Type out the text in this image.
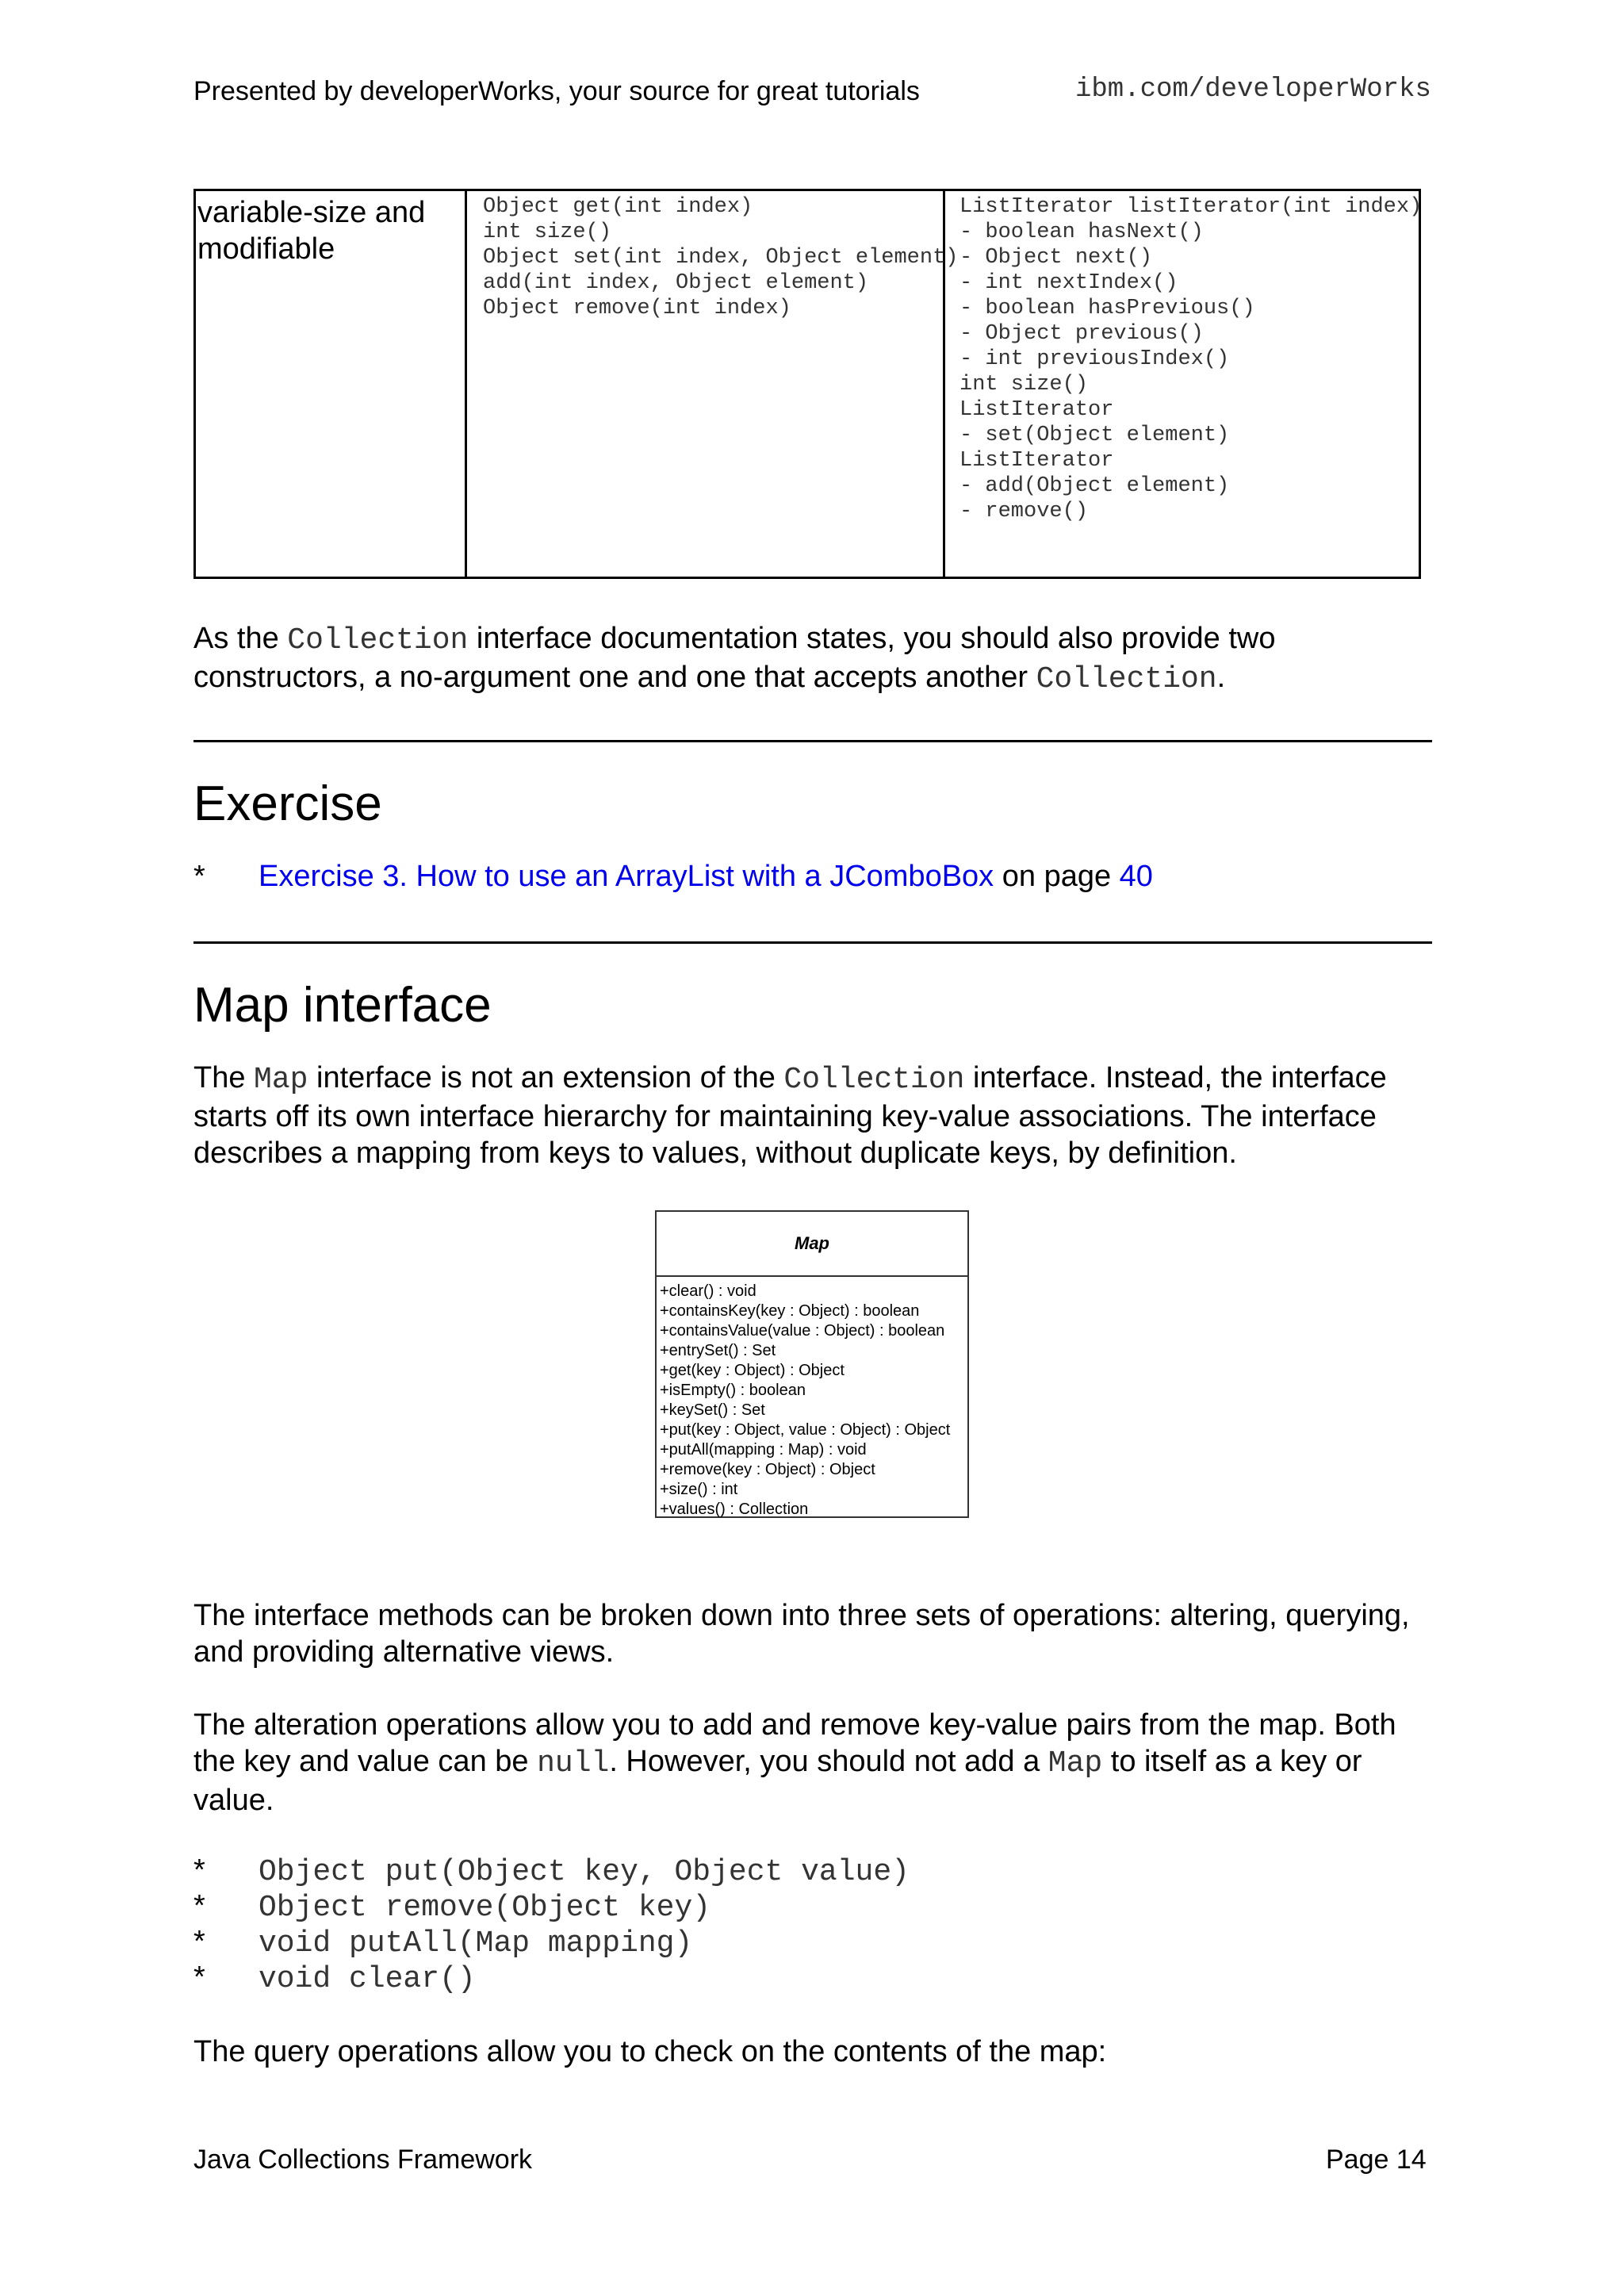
Presented by developerWorks, your source for great tutorials	ibm.com/developerWorks
variable-size and
modifiable
Object get(int index)
int size()
Object set(int index, Object element)
add(int index, Object element)
Object remove(int index)
ListIterator listIterator(int index)
- boolean hasNext()
- Object next()
- int nextIndex()
- boolean hasPrevious()
- Object previous()
- int previousIndex()
int size()
ListIterator
- set(Object element)
ListIterator
- add(Object element)
- remove()
As the Collection interface documentation states, you should also provide two
constructors, a no-argument one and one that accepts another Collection.
Exercise
* Exercise 3. How to use an ArrayList with a JComboBox on page 40
Map interface
The Map interface is not an extension of the Collection interface. Instead, the interface
starts off its own interface hierarchy for maintaining key-value associations. The interface
describes a mapping from keys to values, without duplicate keys, by definition.
Map
+clear() : void
+containsKey(key : Object) : boolean
+containsValue(value : Object) : boolean
+entrySet() : Set
+get(key : Object) : Object
+isEmpty() : boolean
+keySet() : Set
+put(key : Object, value : Object) : Object
+putAll(mapping : Map) : void
+remove(key : Object) : Object
+size() : int
+values() : Collection
The interface methods can be broken down into three sets of operations: altering, querying,
and providing alternative views.
The alteration operations allow you to add and remove key-value pairs from the map. Both
the key and value can be null. However, you should not add a Map to itself as a key or
value.
* Object put(Object key, Object value)
* Object remove(Object key)
* void putAll(Map mapping)
* void clear()
The query operations allow you to check on the contents of the map:
Java Collections Framework	Page 14
